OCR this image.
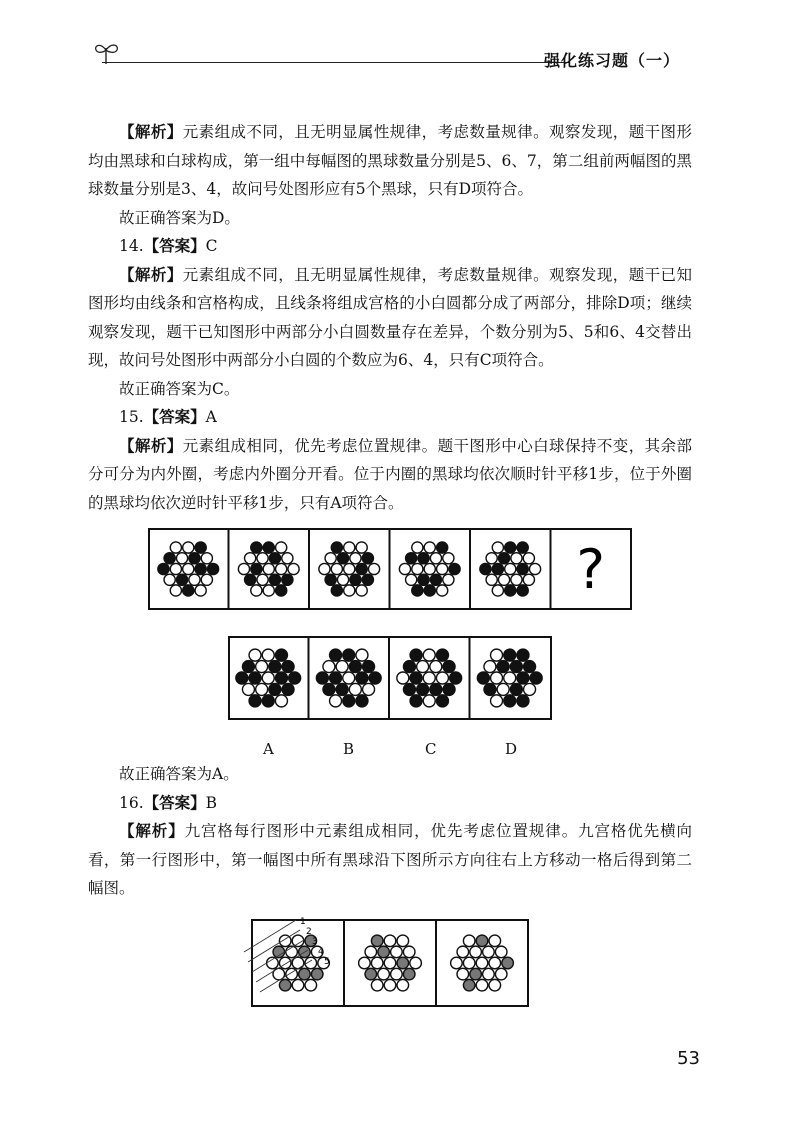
强化练习题（一）

【解析】元素组成不同，且无明显属性规律，考虑数量规律。观察发现，题干图形均由黑球和白球构成，第一组中每幅图的黑球数量分别是5、6、7，第二组前两幅图的黑球数量分别是3、4，故问号处图形应有5个黑球，只有D项符合。

故正确答案为D。

14.【答案】C

【解析】元素组成不同，且无明显属性规律，考虑数量规律。观察发现，题干已知图形均由线条和宫格构成，且线条将组成宫格的小白圆都分成了两部分，排除D项；继续观察发现，题干已知图形中两部分小白圆数量存在差异，个数分别为5、5和6、4交替出现，故问号处图形中两部分小白圆的个数应为6、4，只有C项符合。

故正确答案为C。

15.【答案】A

【解析】元素组成相同，优先考虑位置规律。题干图形中心白球保持不变，其余部分可分为内外圈，考虑内外圈分开看。位于内圈的黑球均依次顺时针平移1步，位于外圈的黑球均依次逆时针平移1步，只有A项符合。

?
A	B	C	D

故正确答案为A。

16.【答案】B

【解析】九宫格每行图形中元素组成相同，优先考虑位置规律。九宫格优先横向看，第一行图形中，第一幅图中所有黑球沿下图所示方向往右上方移动一格后得到第二幅图。

1
2
3
4
5
53
